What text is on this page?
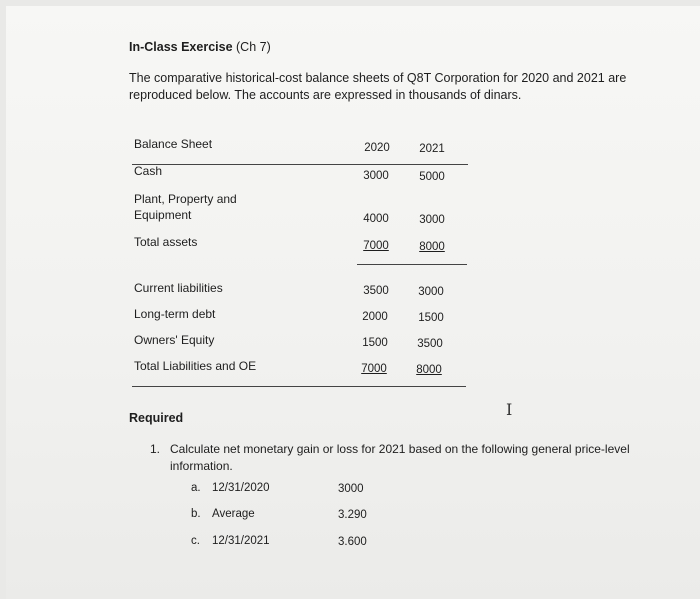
In-Class Exercise (Ch 7)
The comparative historical-cost balance sheets of Q8T Corporation for 2020 and 2021 are reproduced below. The accounts are expressed in thousands of dinars.
Balance Sheet	2020	2021
Cash	3000	5000
Plant, Property and
Equipment	4000	3000
Total assets	7000	8000
Current liabilities	3500	3000
Long-term debt	2000	1500
Owners' Equity	1500	3500
Total Liabilities and OE	7000	8000
I
Required
1. Calculate net monetary gain or loss for 2021 based on the following general price-level information.
a. 12/31/2020	3000
b. Average	3.290
c. 12/31/2021	3.600
